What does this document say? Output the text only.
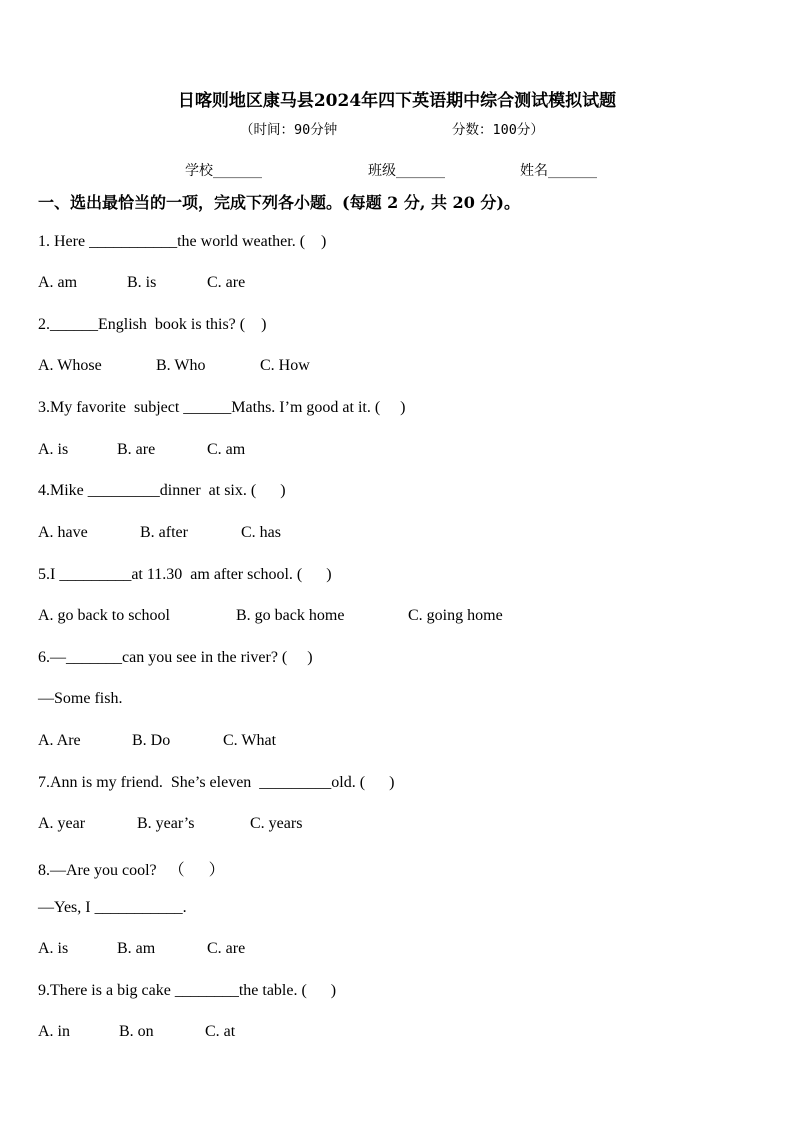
日喀则地区康马县2024年四下英语期中综合测试模拟试题
（时间：90分钟	分数：100分）
学校_______	班级_______	姓名_______
一、选出最恰当的一项，完成下列各小题。(每题 2 分, 共 20 分)。
1. Here ___________the world weather. (    )
A. am	B. is	C. are
2.______English  book is this? (    )
A. Whose	B. Who	C. How
3.My favorite  subject ______Maths. I’m good at it. (     )
A. is	B. are	C. am
4.Mike _________dinner  at six. (      )
A. have	B. after	C. has
5.I _________at 11.30  am after school. (      )
A. go back to school	B. go back home	C. going home
6.—_______can you see in the river? (     )
—Some fish.
A. Are	B. Do	C. What
7.Ann is my friend.  She’s eleven  _________old. (      )
A. year	B. year’s	C. years
8.—Are you cool?   （      ）
—Yes, I ___________.
A. is	B. am	C. are
9.There is a big cake ________the table. (      )
A. in	B. on	C. at
